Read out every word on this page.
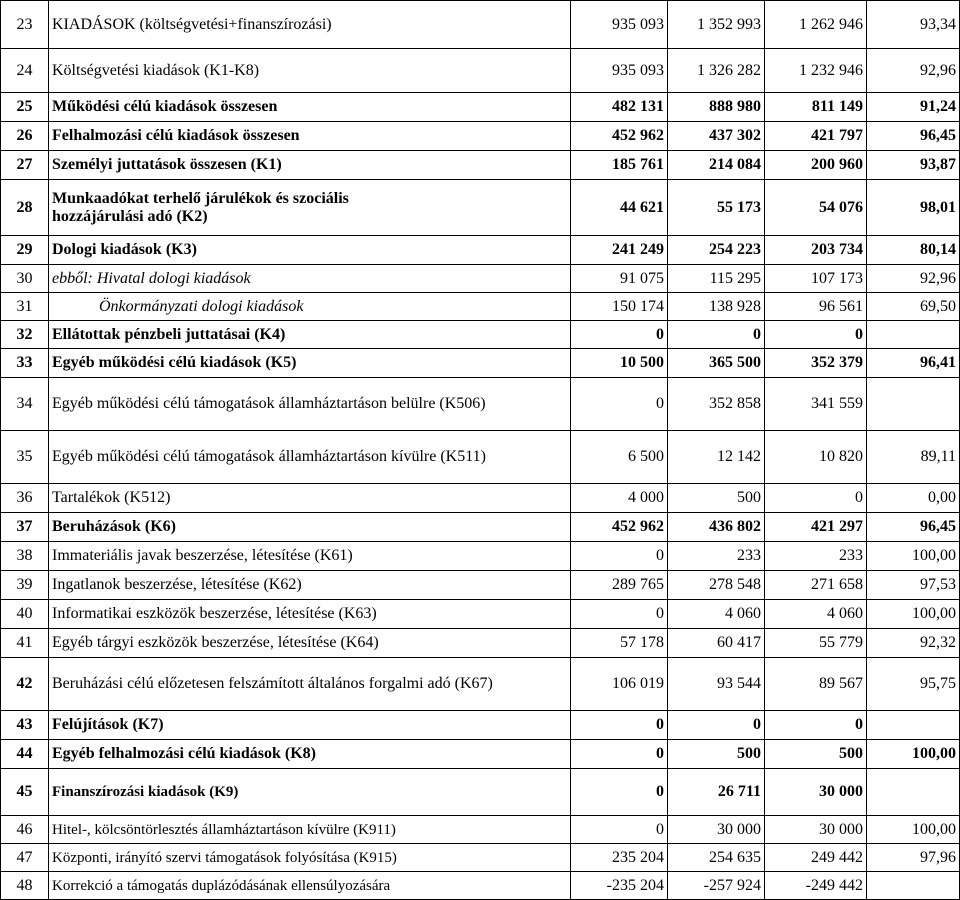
23	KIADÁSOK (költségvetési+finanszírozási)	935 093	1 352 993	1 262 946	93,34
24	Költségvetési kiadások (K1-K8)	935 093	1 326 282	1 232 946	92,96
25	Működési célú kiadások összesen	482 131	888 980	811 149	91,24
26	Felhalmozási célú kiadások összesen	452 962	437 302	421 797	96,45
27	Személyi juttatások összesen (K1)	185 761	214 084	200 960	93,87
28	Munkaadókat terhelő járulékok és szociális hozzájárulási adó (K2)	44 621	55 173	54 076	98,01
29	Dologi kiadások (K3)	241 249	254 223	203 734	80,14
30	ebből: Hivatal dologi kiadások	91 075	115 295	107 173	92,96
31	Önkormányzati dologi kiadások	150 174	138 928	96 561	69,50
32	Ellátottak pénzbeli juttatásai (K4)	0	0	0	
33	Egyéb működési célú kiadások (K5)	10 500	365 500	352 379	96,41
34	Egyéb működési célú támogatások államháztartáson belülre (K506)	0	352 858	341 559	
35	Egyéb működési célú támogatások államháztartáson kívülre (K511)	6 500	12 142	10 820	89,11
36	Tartalékok (K512)	4 000	500	0	0,00
37	Beruházások (K6)	452 962	436 802	421 297	96,45
38	Immateriális javak beszerzése, létesítése (K61)	0	233	233	100,00
39	Ingatlanok beszerzése, létesítése (K62)	289 765	278 548	271 658	97,53
40	Informatikai eszközök beszerzése, létesítése (K63)	0	4 060	4 060	100,00
41	Egyéb tárgyi eszközök beszerzése, létesítése (K64)	57 178	60 417	55 779	92,32
42	Beruházási célú előzetesen felszámított általános forgalmi adó (K67)	106 019	93 544	89 567	95,75
43	Felújítások (K7)	0	0	0	
44	Egyéb felhalmozási célú kiadások (K8)	0	500	500	100,00
45	Finanszírozási kiadások (K9)	0	26 711	30 000	
46	Hitel-, kölcsöntörlesztés államháztartáson kívülre (K911)	0	30 000	30 000	100,00
47	Központi, irányító szervi támogatások folyósítása (K915)	235 204	254 635	249 442	97,96
48	Korrekció a támogatás duplázódásának ellensúlyozására	-235 204	-257 924	-249 442	
